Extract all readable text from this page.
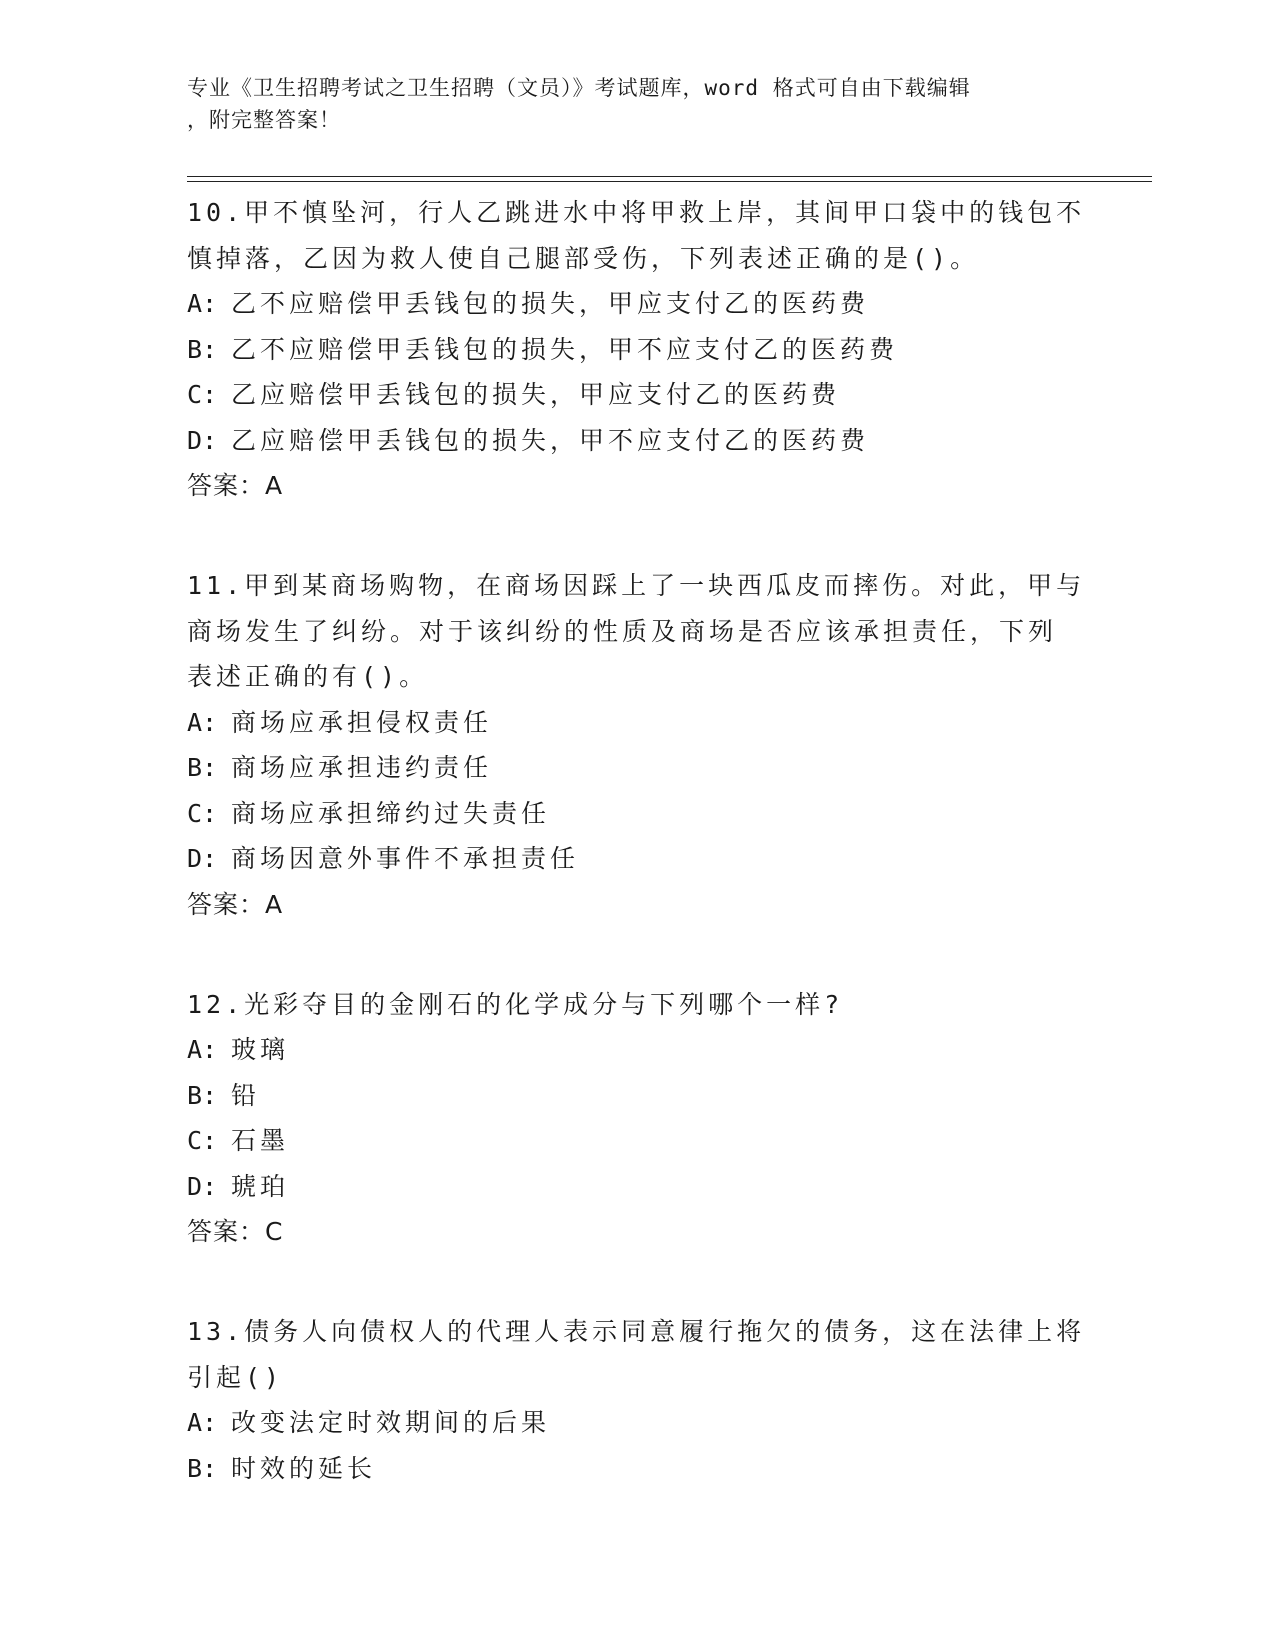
专业《卫生招聘考试之卫生招聘（文员）》考试题库，word 格式可自由下载编辑
，附完整答案！
10.甲不慎坠河，行人乙跳进水中将甲救上岸，其间甲口袋中的钱包不
慎掉落，乙因为救人使自己腿部受伤，下列表述正确的是()。
A: 乙不应赔偿甲丢钱包的损失，甲应支付乙的医药费
B: 乙不应赔偿甲丢钱包的损失，甲不应支付乙的医药费
C: 乙应赔偿甲丢钱包的损失，甲应支付乙的医药费
D: 乙应赔偿甲丢钱包的损失，甲不应支付乙的医药费
答案：A
11.甲到某商场购物，在商场因踩上了一块西瓜皮而摔伤。对此，甲与
商场发生了纠纷。对于该纠纷的性质及商场是否应该承担责任，下列
表述正确的有()。
A: 商场应承担侵权责任
B: 商场应承担违约责任
C: 商场应承担缔约过失责任
D: 商场因意外事件不承担责任
答案：A
12.光彩夺目的金刚石的化学成分与下列哪个一样?
A: 玻璃
B: 铅
C: 石墨
D: 琥珀
答案：C
13.债务人向债权人的代理人表示同意履行拖欠的债务，这在法律上将
引起()
A: 改变法定时效期间的后果
B: 时效的延长
